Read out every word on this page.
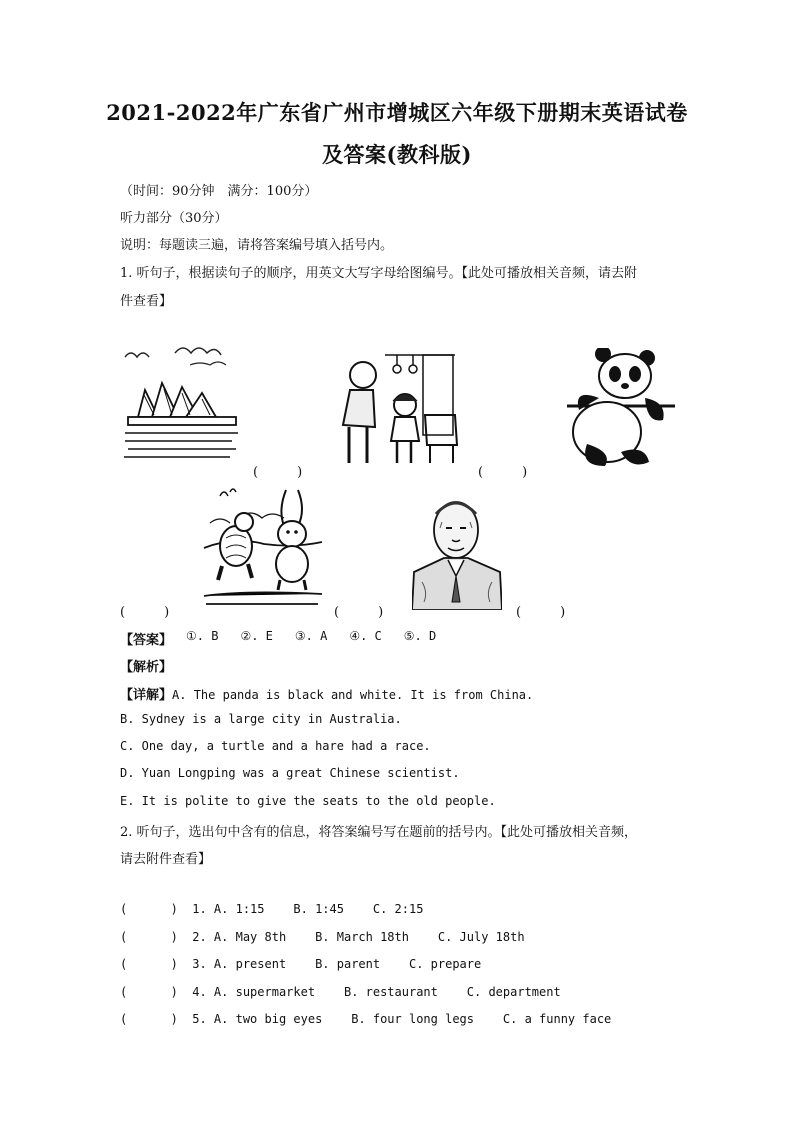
2021-2022年广东省广州市增城区六年级下册期末英语试卷
及答案(教科版)
（时间：90分钟　满分：100分）
听力部分（30分）
说明：每题读三遍，请将答案编号填入括号内。
1. 听句子，根据读句子的顺序，用英文大写字母给图编号。【此处可播放相关音频，请去附
件查看】
(　　　)	(　　　)
(　　　)	(　　　)	(　　　)
【答案】 ①. B ②. E ③. A ④. C ⑤. D
【解析】
【详解】A. The panda is black and white. It is from China.
B. Sydney is a large city in Australia.
C. One day, a turtle and a hare had a race.
D. Yuan Longping was a great Chinese scientist.
E. It is polite to give the seats to the old people.
2. 听句子，选出句中含有的信息，将答案编号写在题前的括号内。【此处可播放相关音频，
请去附件查看】
(      )  1. A. 1:15    B. 1:45    C. 2:15
(      )  2. A. May 8th    B. March 18th    C. July 18th
(      )  3. A. present    B. parent    C. prepare
(      )  4. A. supermarket    B. restaurant    C. department
(      )  5. A. two big eyes    B. four long legs    C. a funny face
